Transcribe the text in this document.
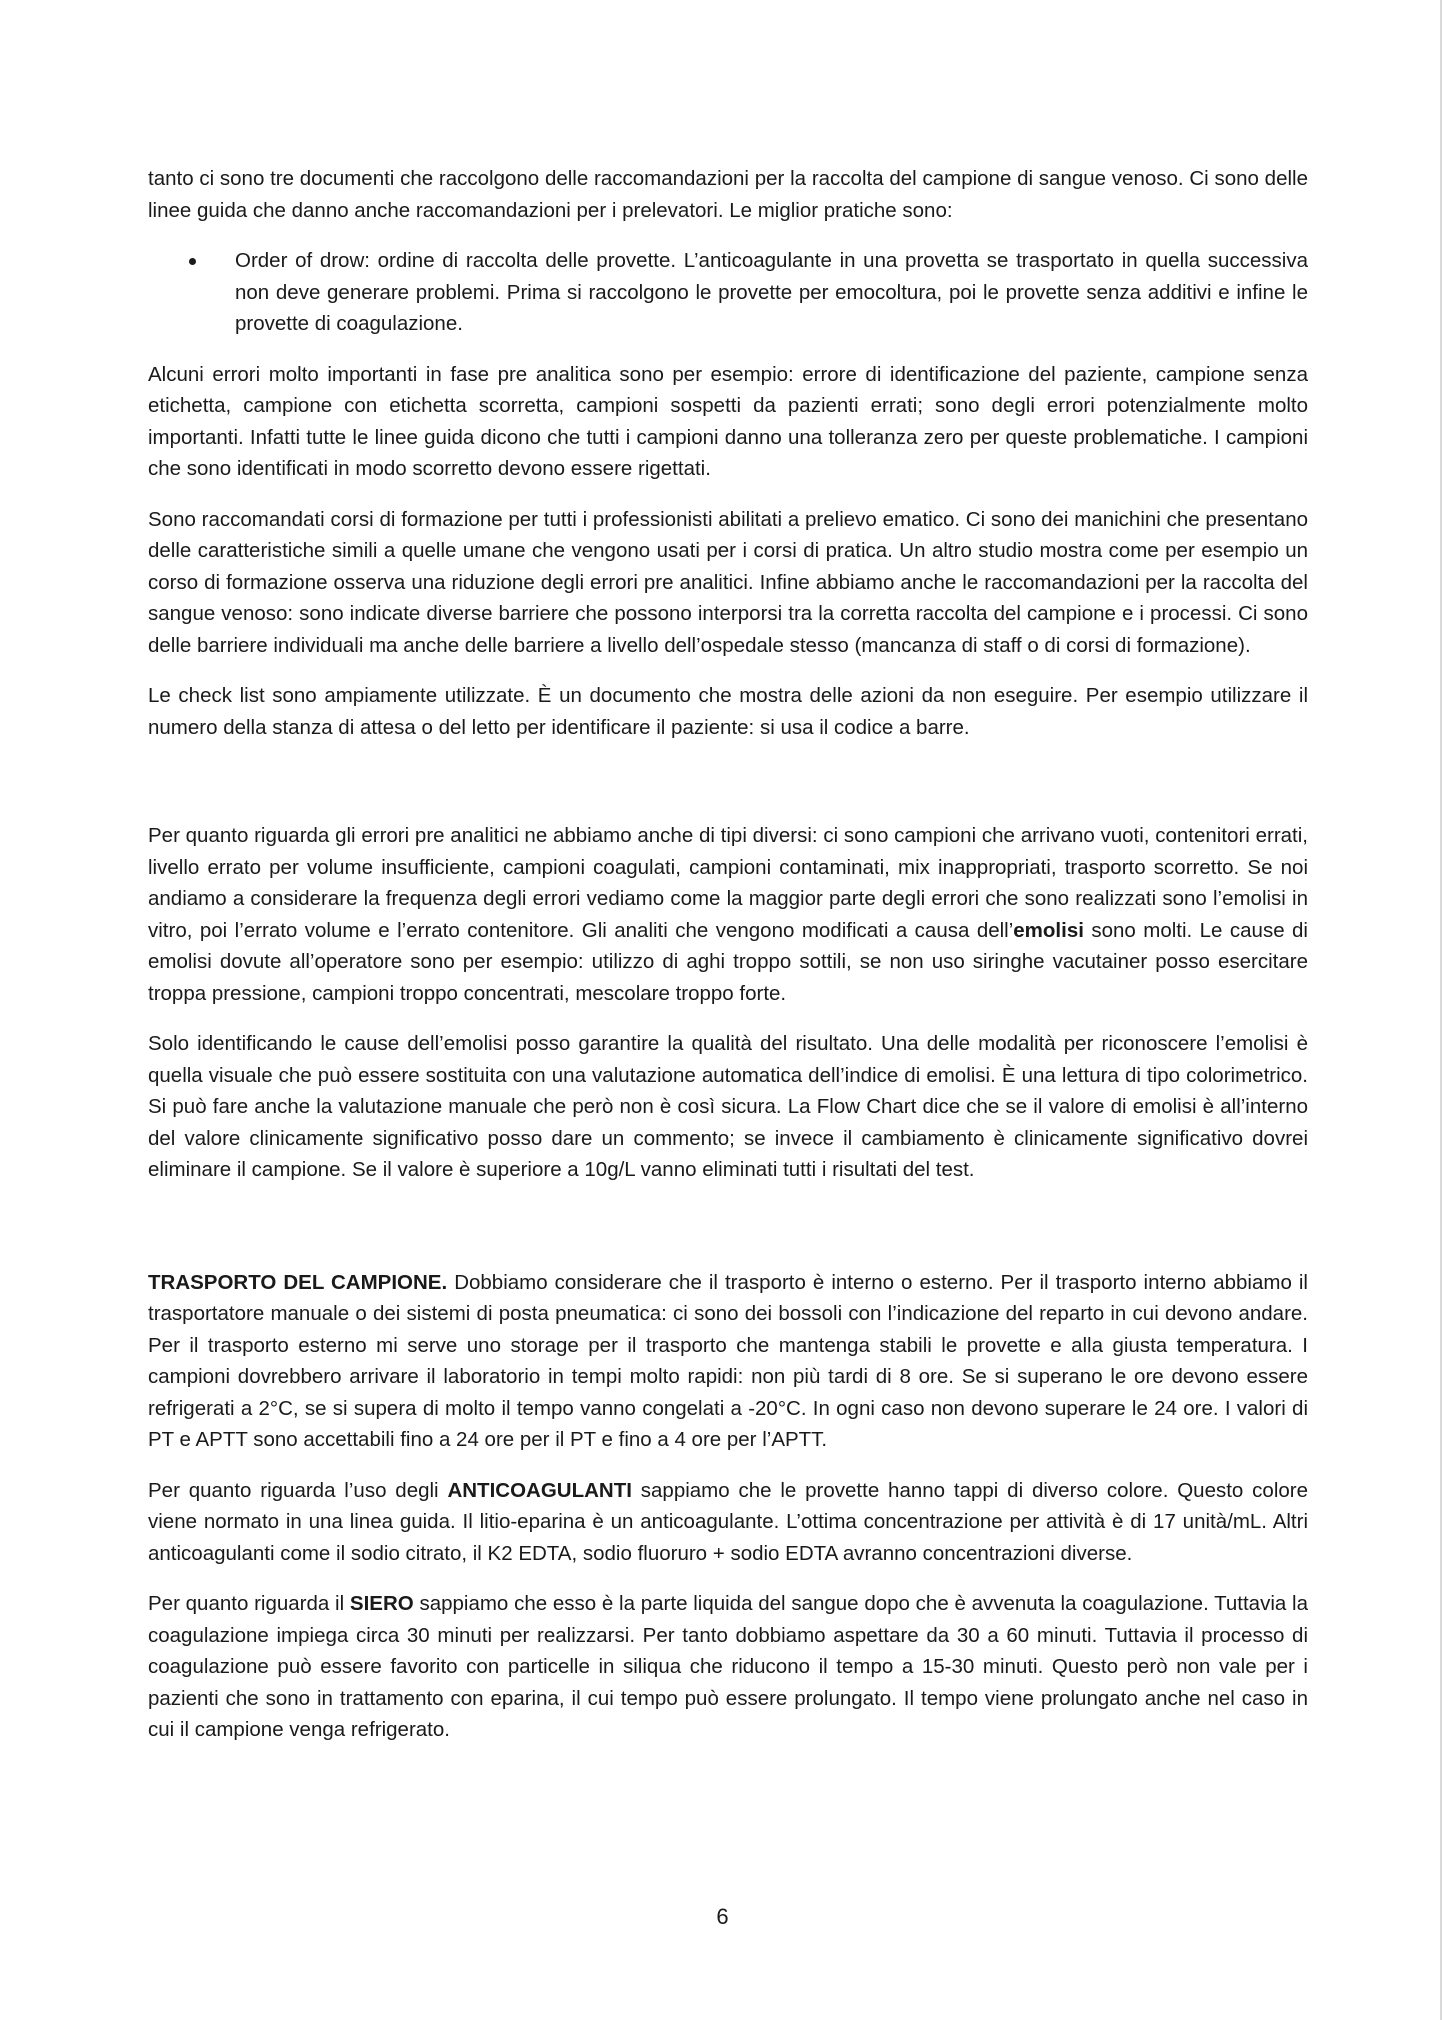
tanto ci sono tre documenti che raccolgono delle raccomandazioni per la raccolta del campione di sangue venoso. Ci sono delle linee guida che danno anche raccomandazioni per i prelevatori. Le miglior pratiche sono:

Order of drow: ordine di raccolta delle provette. L’anticoagulante in una provetta se trasportato in quella successiva non deve generare problemi. Prima si raccolgono le provette per emocoltura, poi le provette senza additivi e infine le provette di coagulazione.

Alcuni errori molto importanti in fase pre analitica sono per esempio: errore di identificazione del paziente, campione senza etichetta, campione con etichetta scorretta, campioni sospetti da pazienti errati; sono degli errori potenzialmente molto importanti. Infatti tutte le linee guida dicono che tutti i campioni danno una tolleranza zero per queste problematiche. I campioni che sono identificati in modo scorretto devono essere rigettati.

Sono raccomandati corsi di formazione per tutti i professionisti abilitati a prelievo ematico. Ci sono dei manichini che presentano delle caratteristiche simili a quelle umane che vengono usati per i corsi di pratica. Un altro studio mostra come per esempio un corso di formazione osserva una riduzione degli errori pre analitici. Infine abbiamo anche le raccomandazioni per la raccolta del sangue venoso: sono indicate diverse barriere che possono interporsi tra la corretta raccolta del campione e i processi. Ci sono delle barriere individuali ma anche delle barriere a livello dell’ospedale stesso (mancanza di staff o di corsi di formazione).

Le check list sono ampiamente utilizzate. È un documento che mostra delle azioni da non eseguire. Per esempio utilizzare il numero della stanza di attesa o del letto per identificare il paziente: si usa il codice a barre.

Per quanto riguarda gli errori pre analitici ne abbiamo anche di tipi diversi: ci sono campioni che arrivano vuoti, contenitori errati, livello errato per volume insufficiente, campioni coagulati, campioni contaminati, mix inappropriati, trasporto scorretto. Se noi andiamo a considerare la frequenza degli errori vediamo come la maggior parte degli errori che sono realizzati sono l’emolisi in vitro, poi l’errato volume e l’errato contenitore. Gli analiti che vengono modificati a causa dell’emolisi sono molti. Le cause di emolisi dovute all’operatore sono per esempio: utilizzo di aghi troppo sottili, se non uso siringhe vacutainer posso esercitare troppa pressione, campioni troppo concentrati, mescolare troppo forte.

Solo identificando le cause dell’emolisi posso garantire la qualità del risultato. Una delle modalità per riconoscere l’emolisi è quella visuale che può essere sostituita con una valutazione automatica dell’indice di emolisi. È una lettura di tipo colorimetrico. Si può fare anche la valutazione manuale che però non è così sicura. La Flow Chart dice che se il valore di emolisi è all’interno del valore clinicamente significativo posso dare un commento; se invece il cambiamento è clinicamente significativo dovrei eliminare il campione. Se il valore è superiore a 10g/L vanno eliminati tutti i risultati del test.

TRASPORTO DEL CAMPIONE. Dobbiamo considerare che il trasporto è interno o esterno. Per il trasporto interno abbiamo il trasportatore manuale o dei sistemi di posta pneumatica: ci sono dei bossoli con l’indicazione del reparto in cui devono andare. Per il trasporto esterno mi serve uno storage per il trasporto che mantenga stabili le provette e alla giusta temperatura. I campioni dovrebbero arrivare il laboratorio in tempi molto rapidi: non più tardi di 8 ore. Se si superano le ore devono essere refrigerati a 2°C, se si supera di molto il tempo vanno congelati a -20°C. In ogni caso non devono superare le 24 ore. I valori di PT e APTT sono accettabili fino a 24 ore per il PT e fino a 4 ore per l’APTT.

Per quanto riguarda l’uso degli ANTICOAGULANTI sappiamo che le provette hanno tappi di diverso colore. Questo colore viene normato in una linea guida. Il litio-eparina è un anticoagulante. L’ottima concentrazione per attività è di 17 unità/mL. Altri anticoagulanti come il sodio citrato, il K2 EDTA, sodio fluoruro + sodio EDTA avranno concentrazioni diverse.

Per quanto riguarda il SIERO sappiamo che esso è la parte liquida del sangue dopo che è avvenuta la coagulazione. Tuttavia la coagulazione impiega circa 30 minuti per realizzarsi. Per tanto dobbiamo aspettare da 30 a 60 minuti. Tuttavia il processo di coagulazione può essere favorito con particelle in siliqua che riducono il tempo a 15-30 minuti. Questo però non vale per i pazienti che sono in trattamento con eparina, il cui tempo può essere prolungato. Il tempo viene prolungato anche nel caso in cui il campione venga refrigerato.

6
